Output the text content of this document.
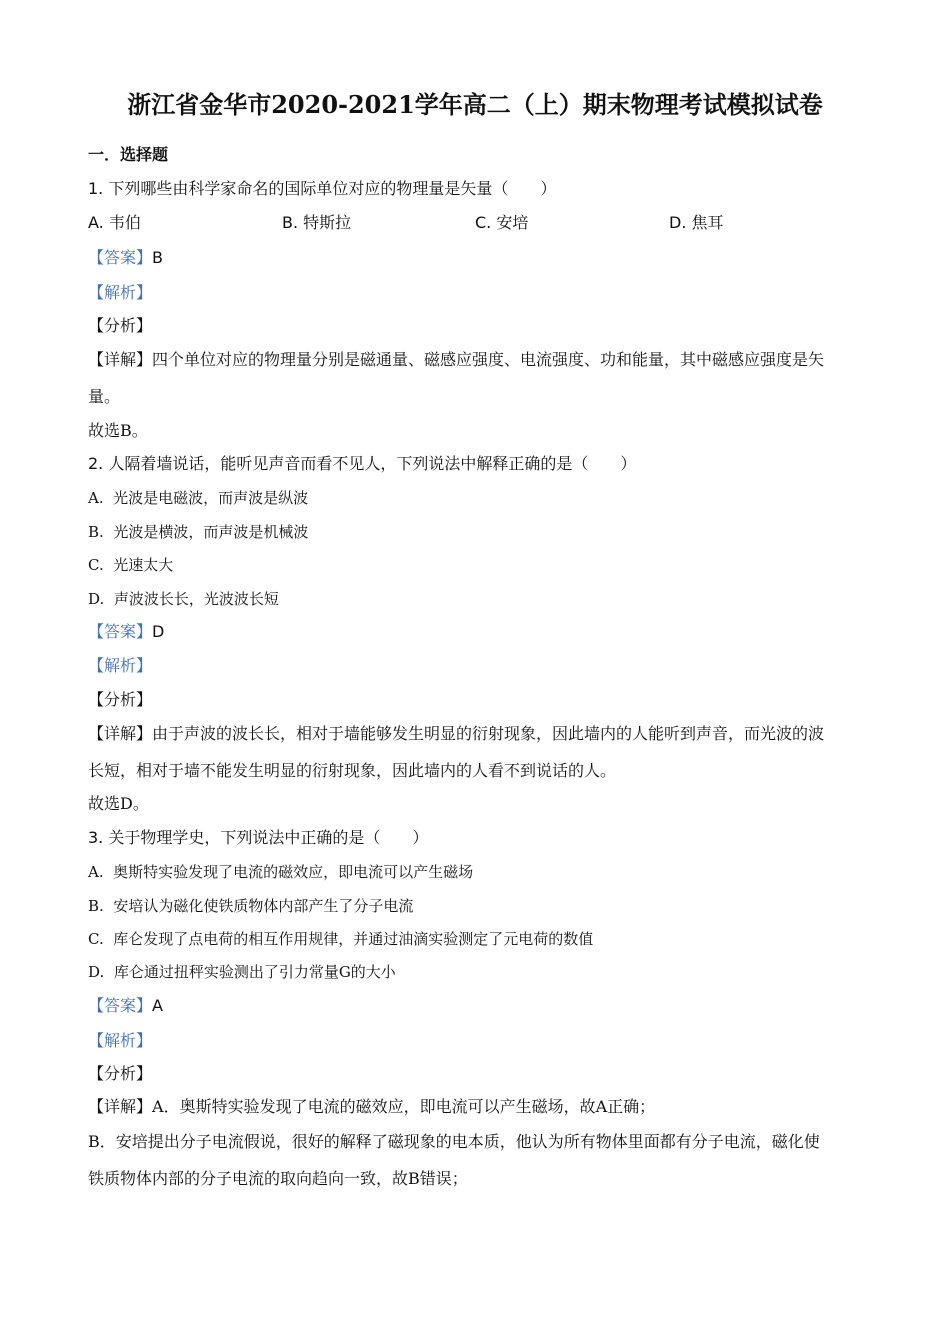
浙江省金华市2020-2021学年高二（上）期末物理考试模拟试卷
一．选择题
1. 下列哪些由科学家命名的国际单位对应的物理量是矢量（　　）
A. 韦伯	B. 特斯拉	C. 安培	D. 焦耳
【答案】B
【解析】
【分析】
【详解】四个单位对应的物理量分别是磁通量、磁感应强度、电流强度、功和能量，其中磁感应强度是矢
量。
故选B。
2. 人隔着墙说话，能听见声音而看不见人，下列说法中解释正确的是（　　）
A. 光波是电磁波，而声波是纵波
B. 光波是横波，而声波是机械波
C. 光速太大
D. 声波波长长，光波波长短
【答案】D
【解析】
【分析】
【详解】由于声波的波长长，相对于墙能够发生明显的衍射现象，因此墙内的人能听到声音，而光波的波
长短，相对于墙不能发生明显的衍射现象，因此墙内的人看不到说话的人。
故选D。
3. 关于物理学史，下列说法中正确的是（　　）
A. 奥斯特实验发现了电流的磁效应，即电流可以产生磁场
B. 安培认为磁化使铁质物体内部产生了分子电流
C. 库仑发现了点电荷的相互作用规律，并通过油滴实验测定了元电荷的数值
D. 库仑通过扭秤实验测出了引力常量G的大小
【答案】A
【解析】
【分析】
【详解】A．奥斯特实验发现了电流的磁效应，即电流可以产生磁场，故A正确；
B．安培提出分子电流假说，很好的解释了磁现象的电本质，他认为所有物体里面都有分子电流，磁化使
铁质物体内部的分子电流的取向趋向一致，故B错误；
